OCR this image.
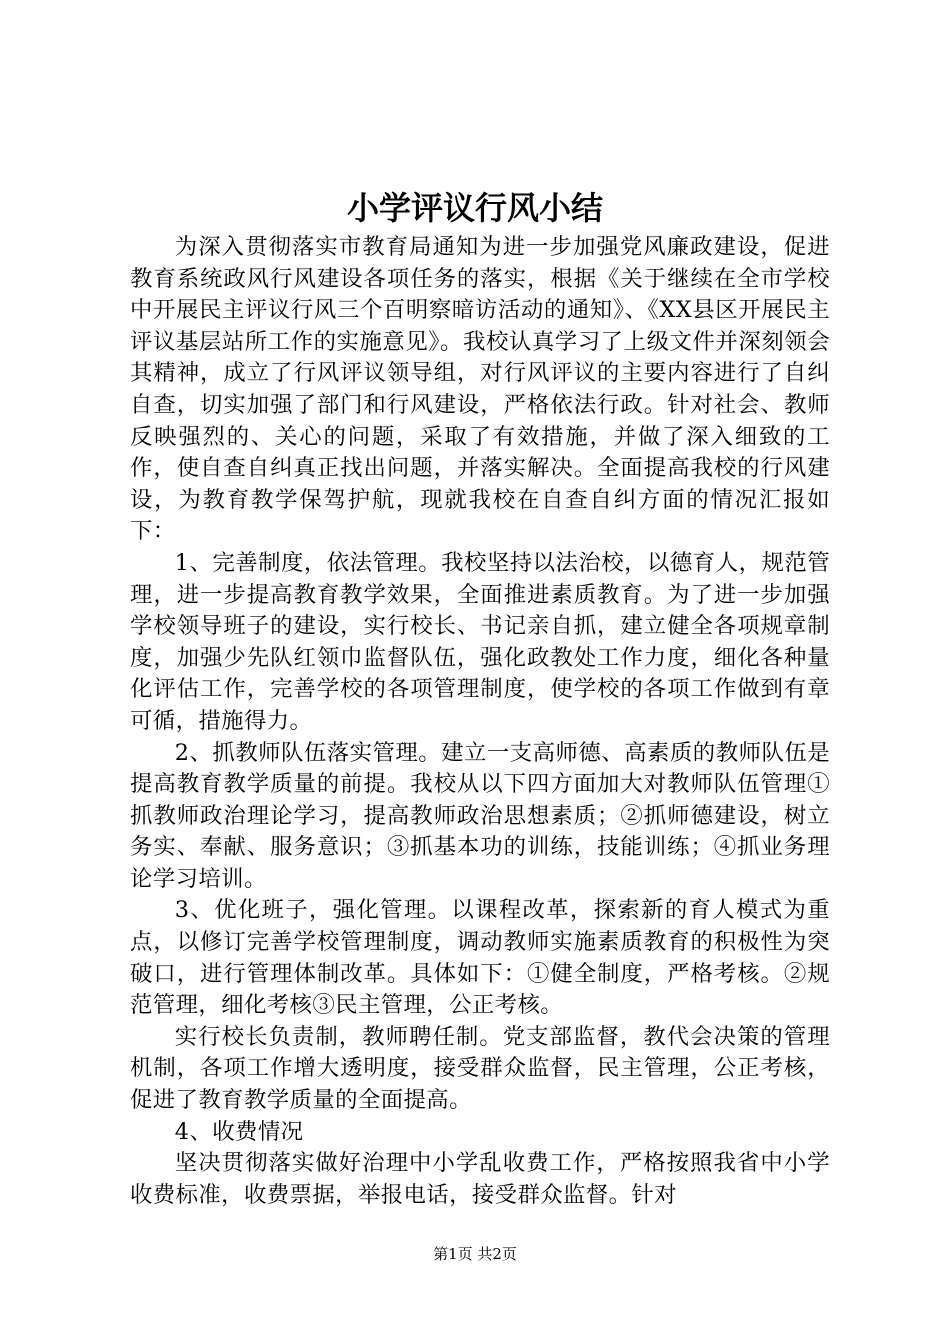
小学评议行风小结

为深入贯彻落实市教育局通知为进一步加强党风廉政建设，促进教育系统政风行风建设各项任务的落实，根据《关于继续在全市学校中开展民主评议行风三个百明察暗访活动的通知》、《XX县区开展民主评议基层站所工作的实施意见》。我校认真学习了上级文件并深刻领会其精神，成立了行风评议领导组，对行风评议的主要内容进行了自纠自查，切实加强了部门和行风建设，严格依法行政。针对社会、教师反映强烈的、关心的问题，采取了有效措施，并做了深入细致的工作，使自查自纠真正找出问题，并落实解决。全面提高我校的行风建设，为教育教学保驾护航，现就我校在自查自纠方面的情况汇报如下：

1、完善制度，依法管理。我校坚持以法治校，以德育人，规范管理，进一步提高教育教学效果，全面推进素质教育。为了进一步加强学校领导班子的建设，实行校长、书记亲自抓，建立健全各项规章制度，加强少先队红领巾监督队伍，强化政教处工作力度，细化各种量化评估工作，完善学校的各项管理制度，使学校的各项工作做到有章可循，措施得力。

2、抓教师队伍落实管理。建立一支高师德、高素质的教师队伍是提高教育教学质量的前提。我校从以下四方面加大对教师队伍管理①抓教师政治理论学习，提高教师政治思想素质；②抓师德建设，树立务实、奉献、服务意识；③抓基本功的训练，技能训练；④抓业务理论学习培训。

3、优化班子，强化管理。以课程改革，探索新的育人模式为重点，以修订完善学校管理制度，调动教师实施素质教育的积极性为突破口，进行管理体制改革。具体如下：①健全制度，严格考核。②规范管理，细化考核③民主管理，公正考核。

实行校长负责制，教师聘任制。党支部监督，教代会决策的管理机制，各项工作增大透明度，接受群众监督，民主管理，公正考核，促进了教育教学质量的全面提高。

4、收费情况

坚决贯彻落实做好治理中小学乱收费工作，严格按照我省中小学收费标准，收费票据，举报电话，接受群众监督。针对

第1页 共2页
